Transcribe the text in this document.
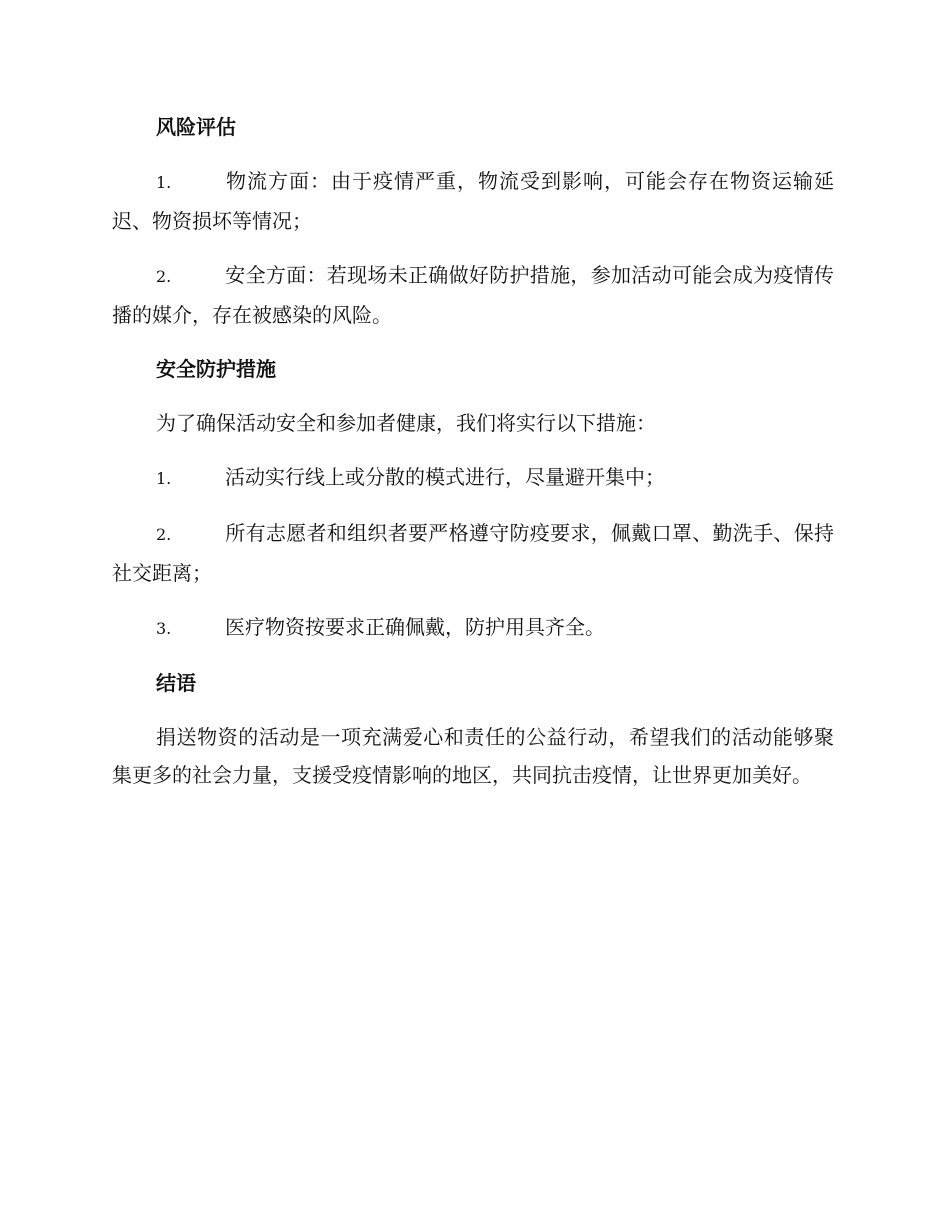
风险评估
1.	物流方面：由于疫情严重，物流受到影响，可能会存在物资运输延迟、物资损坏等情况；
2.	安全方面：若现场未正确做好防护措施，参加活动可能会成为疫情传播的媒介，存在被感染的风险。
安全防护措施
为了确保活动安全和参加者健康，我们将实行以下措施：
1.	活动实行线上或分散的模式进行，尽量避开集中；
2.	所有志愿者和组织者要严格遵守防疫要求，佩戴口罩、勤洗手、保持社交距离；
3.	医疗物资按要求正确佩戴，防护用具齐全。
结语
捐送物资的活动是一项充满爱心和责任的公益行动，希望我们的活动能够聚集更多的社会力量，支援受疫情影响的地区，共同抗击疫情，让世界更加美好。
